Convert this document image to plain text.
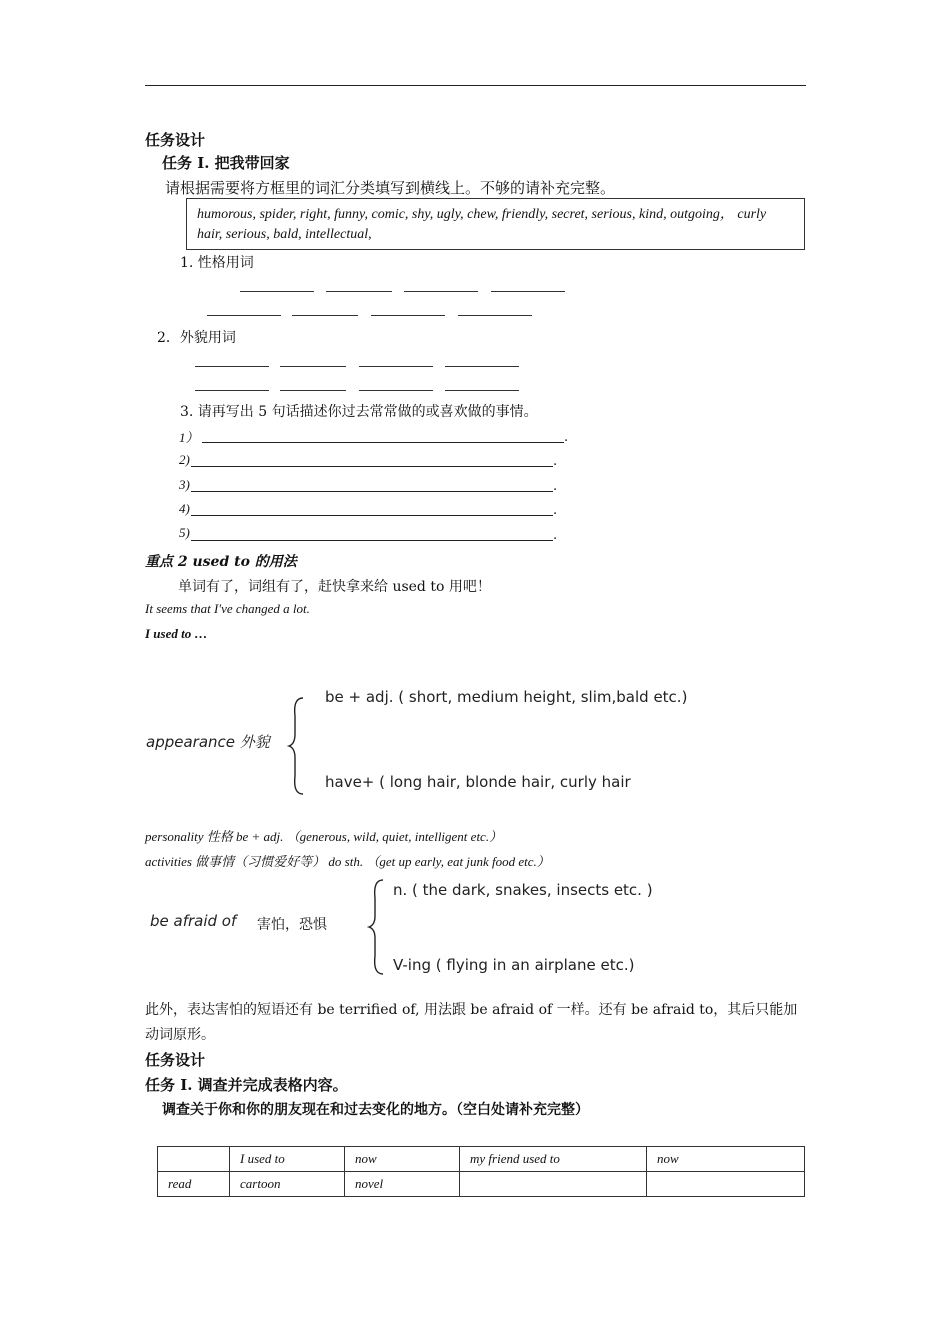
任务设计
任务 I. 把我带回家
请根据需要将方框里的词汇分类填写到横线上。不够的请补充完整。
humorous, spider, right, funny, comic, shy, ugly, chew, friendly, secret, serious, kind, outgoing， curly
hair, serious, bald, intellectual,
1. 性格用词
2．外貌用词
3. 请再写出 5 句话描述你过去常常做的或喜欢做的事情。
1）	.
2)	.
3)	.
4)	.
5)	.
重点 2 used to 的用法
单词有了，词组有了，赶快拿来给 used to 用吧！
It seems that I've changed a lot.
I used to …
appearance 外貌
be + adj. ( short, medium height, slim,bald etc.)
have+ ( long hair, blonde hair, curly hair
personality 性格 be + adj. （generous, wild, quiet, intelligent etc.）
activities 做事情（习惯爱好等） do sth. （get up early, eat junk food etc.）
be afraid of 害怕，恐惧
n. ( the dark, snakes, insects etc. )
V-ing ( flying in an airplane etc.)
此外，表达害怕的短语还有 be terrified of, 用法跟 be afraid of 一样。还有 be afraid to，其后只能加
动词原形。
任务设计
任务 I. 调查并完成表格内容。
调查关于你和你的朋友现在和过去变化的地方。（空白处请补充完整）
	I used to	now	my friend used to	now
read	cartoon	novel		
